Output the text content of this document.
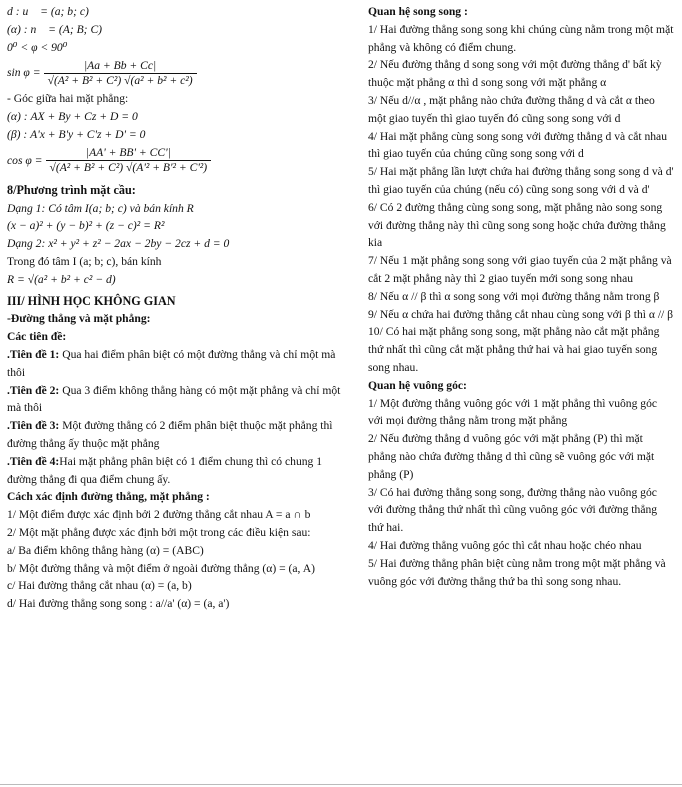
d : u⃗ = (a; b; c)
(α) : n⃗ = (A; B; C)
0⁰ < φ < 90⁰
$\sin \varphi = \frac{|Aa + Bb + Cc|}{\text{√(A² + B² + C²) √(a² + b² + c²)}}$
- Góc giữa hai mặt phẳng:
(α) : AX + By + Cz + D = 0
(β) : A'x + B'y + C'z + D' = 0
$\cos \varphi = \frac{|AA' + BB' + CC'|}{\text{√(A² + B² + C²) √(A'² + B'² + C'²)}}$
8/Phương trình mặt cầu:
Dạng 1: Có tâm I(a; b; c) và bán kính R
(x − a)² + (y − b)² + (z − c)² = R²
Dạng 2: x² + y² + z² − 2ax − 2by − 2cz + d = 0
Trong đó tâm I (a; b; c), bán kính
R = √(a² + b² + c² − d)
III/ HÌNH HỌC KHÔNG GIAN
-Đường thẳng và mặt phẳng:
Các tiên đề:
.Tiên đề 1: Qua hai điểm phân biệt có một đường thẳng và chỉ một mà thôi
.Tiên đề 2: Qua 3 điểm không thẳng hàng có một mặt phẳng và chỉ một mà thôi
.Tiên đề 3: Một đường thẳng có 2 điểm phân biệt thuộc mặt phẳng thì đường thẳng ấy thuộc mặt phẳng
.Tiên đề 4:Hai mặt phẳng phân biệt có 1 điểm chung thì có chung 1 đường thẳng đi qua điểm chung ấy.
Cách xác định đường thẳng, mặt phẳng :
1/ Một điểm được xác định bởi 2 đường thẳng cắt nhau A = a ∩ b
2/ Một mặt phẳng được xác định bởi một trong các điều kiện sau:
a/ Ba điểm không thẳng hàng (α) = (ABC)
b/ Một đường thẳng và một điểm ở ngoài đường thẳng (α) = (a, A)
c/ Hai đường thẳng cắt nhau (α) = (a, b)
d/ Hai đường thẳng song song : a//a' (α) = (a, a')
Quan hệ song song :
1/ Hai đường thẳng song song khi chúng cùng nằm trong một mặt phẳng và không có điểm chung.
2/ Nếu đường thẳng d song song với một đường thẳng d' bất kỳ thuộc mặt phẳng α thì d song song với mặt phẳng α
3/ Nếu d//α , mặt phẳng nào chứa đường thẳng d và cắt α theo một giao tuyến thì giao tuyến đó cũng song song với d
4/ Hai mặt phẳng cùng song song với đường thẳng d và cắt nhau thì giao tuyến của chúng cũng song song với d
5/ Hai mặt phẳng lần lượt chứa hai đường thẳng song song d và d' thì giao tuyến của chúng (nếu có) cũng song song với d và d'
6/ Có 2 đường thẳng cùng song song, mặt phẳng nào song song với đường thẳng này thì cũng song song hoặc chứa đường thẳng kia
7/ Nếu 1 mặt phẳng song song với giao tuyến của 2 mặt phẳng và cắt 2 mặt phẳng này thì 2 giao tuyến mới song song nhau
8/ Nếu α // β thì α song song với mọi đường thẳng nằm trong β
9/ Nếu α chứa hai đường thẳng cắt nhau cùng song với β thì α // β
10/ Có hai mặt phẳng song song, mặt phẳng nào cắt mặt phẳng thứ nhất thì cũng cắt mặt phẳng thứ hai và hai giao tuyến song song nhau.
Quan hệ vuông góc:
1/ Một đường thẳng vuông góc với 1 mặt phẳng thì vuông góc với mọi đường thẳng nằm trong mặt phẳng
2/ Nếu đường thẳng d vuông góc với mặt phẳng (P) thì mặt phẳng nào chứa đường thẳng d thì cũng sẽ vuông góc với mặt phẳng (P)
3/ Có hai đường thẳng song song, đường thẳng nào vuông góc với đường thẳng thứ nhất thì cũng vuông góc với đường thẳng thứ hai.
4/ Hai đường thẳng vuông góc thì cắt nhau hoặc chéo nhau
5/ Hai đường thẳng phân biệt cùng nằm trong một mặt phẳng và vuông góc với đường thẳng thứ ba thì song song nhau.
